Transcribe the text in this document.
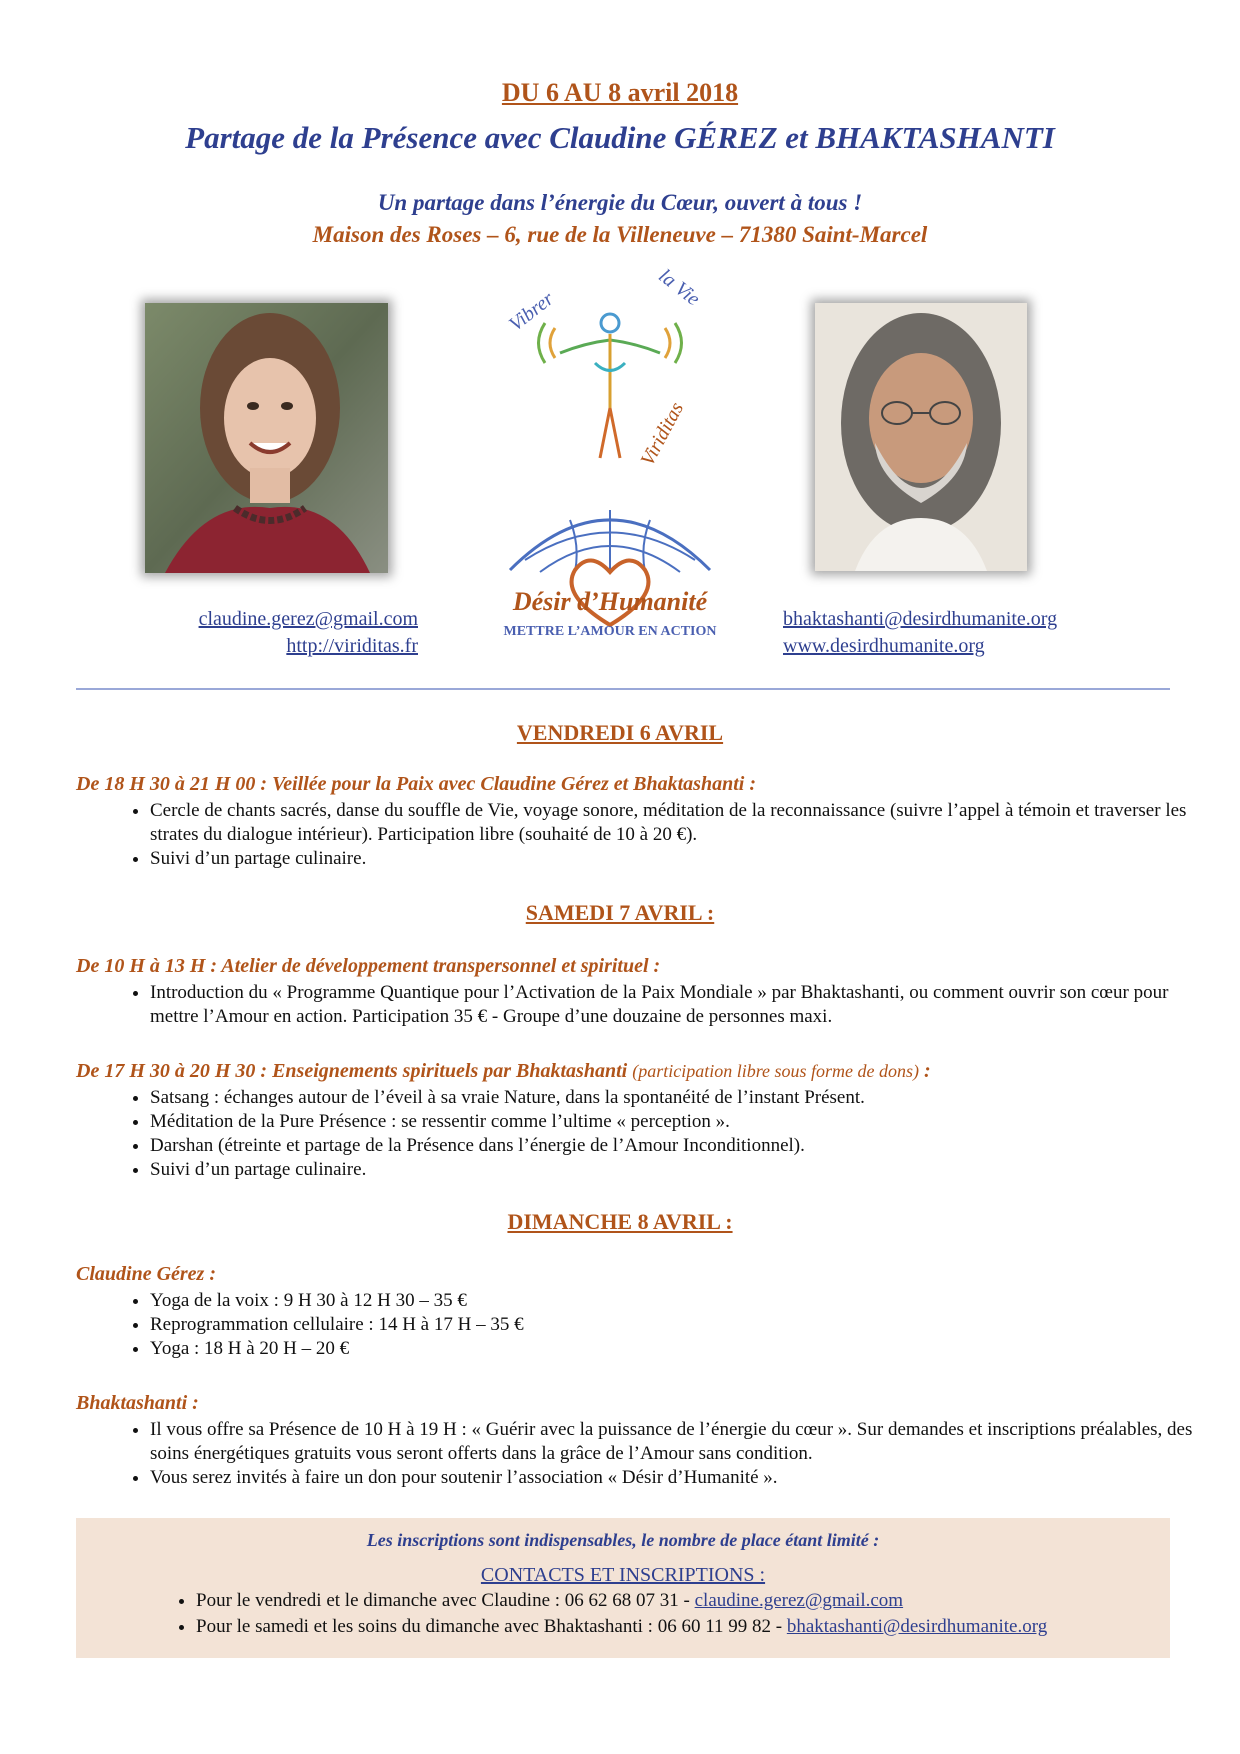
DU 6 AU 8 avril 2018
Partage de la Présence avec Claudine GÉREZ et BHAKTASHANTI
Un partage dans l’énergie du Cœur, ouvert à tous !
Maison des Roses – 6, rue de la Villeneuve – 71380 Saint-Marcel
Vibrer
la Vie
Viriditas
Désir d’Humanité
METTRE L’AMOUR EN ACTION
claudine.gerez@gmail.com
http://viriditas.fr
bhaktashanti@desirdhumanite.org
www.desirdhumanite.org
VENDREDI 6 AVRIL
De 18 H 30 à 21 H 00 : Veillée pour la Paix avec Claudine Gérez et Bhaktashanti :
• Cercle de chants sacrés, danse du souffle de Vie, voyage sonore, méditation de la reconnaissance (suivre l’appel à témoin et traverser les strates du dialogue intérieur). Participation libre (souhaité de 10 à 20 €).
• Suivi d’un partage culinaire.
SAMEDI 7 AVRIL :
De 10 H à 13 H : Atelier de développement transpersonnel et spirituel :
• Introduction du « Programme Quantique pour l’Activation de la Paix Mondiale » par Bhaktashanti, ou comment ouvrir son cœur pour mettre l’Amour en action. Participation 35 € - Groupe d’une douzaine de personnes maxi.
De 17 H 30 à 20 H 30 : Enseignements spirituels par Bhaktashanti (participation libre sous forme de dons) :
• Satsang : échanges autour de l’éveil à sa vraie Nature, dans la spontanéité de l’instant Présent.
• Méditation de la Pure Présence : se ressentir comme l’ultime « perception ».
• Darshan (étreinte et partage de la Présence dans l’énergie de l’Amour Inconditionnel).
• Suivi d’un partage culinaire.
DIMANCHE 8 AVRIL :
Claudine Gérez :
• Yoga de la voix : 9 H 30 à 12 H 30 – 35 €
• Reprogrammation cellulaire : 14 H à 17 H – 35 €
• Yoga : 18 H à 20 H – 20 €
Bhaktashanti :
• Il vous offre sa Présence de 10 H à 19 H : « Guérir avec la puissance de l’énergie du cœur ». Sur demandes et inscriptions préalables, des soins énergétiques gratuits vous seront offerts dans la grâce de l’Amour sans condition.
• Vous serez invités à faire un don pour soutenir l’association « Désir d’Humanité ».
Les inscriptions sont indispensables, le nombre de place étant limité :
CONTACTS ET INSCRIPTIONS :
• Pour le vendredi et le dimanche avec Claudine : 06 62 68 07 31 - claudine.gerez@gmail.com
• Pour le samedi et les soins du dimanche avec Bhaktashanti : 06 60 11 99 82 - bhaktashanti@desirdhumanite.org
